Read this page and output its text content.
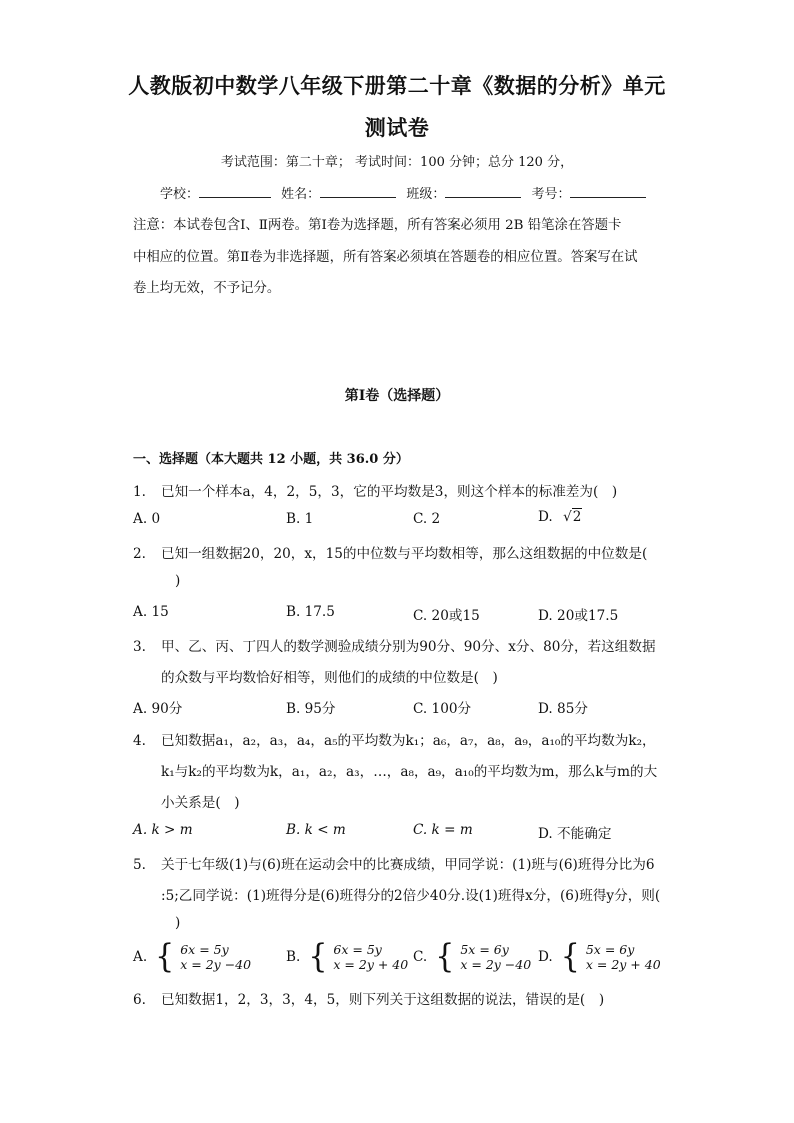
人教版初中数学八年级下册第二十章《数据的分析》单元
测试卷
考试范围：第二十章； 考试时间：100 分钟；总分 120 分，
学校：	姓名：	班级：	考号：
注意：本试卷包含Ⅰ、Ⅱ两卷。第Ⅰ卷为选择题，所有答案必须用 2B 铅笔涂在答题卡
中相应的位置。第Ⅱ卷为非选择题，所有答案必须填在答题卷的相应位置。答案写在试
卷上均无效，不予记分。
第Ⅰ卷（选择题）
一、选择题（本大题共 12 小题，共 36.0 分）
1. 已知一个样本a，4，2，5，3，它的平均数是3，则这个样本的标准差为(　)
A. 0	B. 1	C. 2	D. √2
2. 已知一组数据20，20，x，15的中位数与平均数相等，那么这组数据的中位数是(
)
A. 15	B. 17.5	C. 20或15	D. 20或17.5
3. 甲、乙、丙、丁四人的数学测验成绩分别为90分、90分、x分、80分，若这组数据
的众数与平均数恰好相等，则他们的成绩的中位数是(　)
A. 90分	B. 95分	C. 100分	D. 85分
4. 已知数据a₁，a₂，a₃，a₄，a₅的平均数为k₁；a₆，a₇，a₈，a₉，a₁₀的平均数为k₂，
k₁与k₂的平均数为k，a₁，a₂，a₃，…，a₈，a₉，a₁₀的平均数为m，那么k与m的大
小关系是(　)
A. k > m	B. k < m	C. k = m	D. 不能确定
5. 关于七年级(1)与(6)班在运动会中的比赛成绩，甲同学说：(1)班与(6)班得分比为6
:5;乙同学说：(1)班得分是(6)班得分的2倍少40分.设(1)班得x分，(6)班得y分，则(
)
A. { 6x = 5y
x = 2y −40	B. { 6x = 5y
x = 2y + 40 C. { 5x = 6y
x = 2y −40 D. { 5x = 6y
x = 2y + 40
6. 已知数据1，2，3，3，4，5，则下列关于这组数据的说法，错误的是(　)
